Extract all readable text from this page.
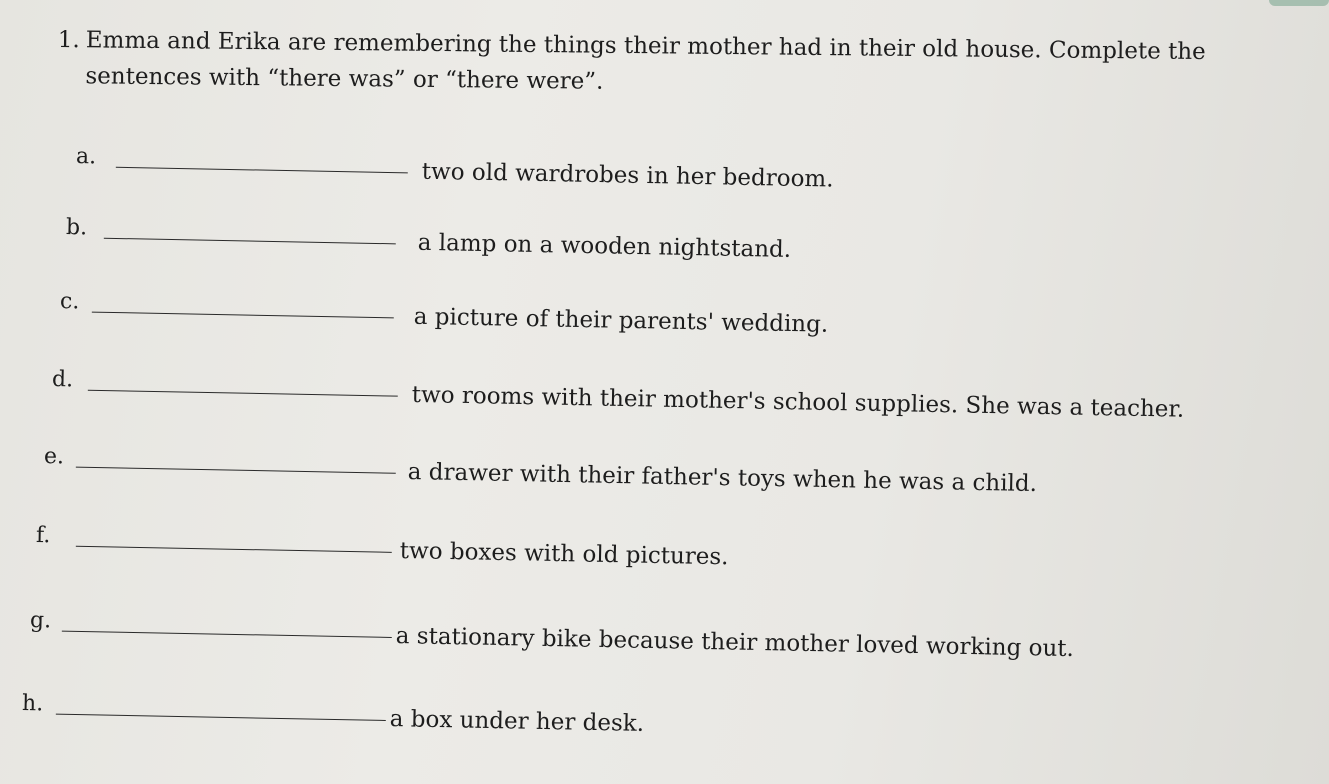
1. Emma and Erika are remembering the things their mother had in their old house. Complete the sentences with “there was” or “there were”.
a.
two old wardrobes in her bedroom.
b.
a lamp on a wooden nightstand.
c.
a picture of their parents' wedding.
d.
two rooms with their mother's school supplies. She was a teacher.
e.
a drawer with their father's toys when he was a child.
f.
two boxes with old pictures.
g.
a stationary bike because their mother loved working out.
h.
a box under her desk.
